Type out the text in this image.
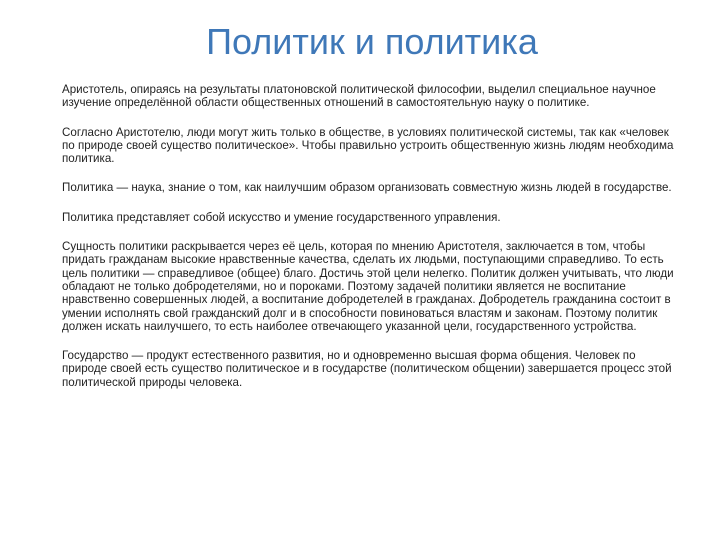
Политик и политика

Аристотель, опираясь на результаты платоновской политической философии, выделил специальное научное изучение определённой области общественных отношений в самостоятельную науку о политике.

Согласно Аристотелю, люди могут жить только в обществе, в условиях политической системы, так как «человек по природе своей существо политическое». Чтобы правильно устроить общественную жизнь людям необходима политика.

Политика — наука, знание о том, как наилучшим образом организовать совместную жизнь людей в государстве.

Политика представляет собой искусство и умение государственного управления.

Сущность политики раскрывается через её цель, которая по мнению Аристотеля, заключается в том, чтобы придать гражданам высокие нравственные качества, сделать их людьми, поступающими справедливо. То есть цель политики — справедливое (общее) благо. Достичь этой цели нелегко. Политик должен учитывать, что люди обладают не только добродетелями, но и пороками. Поэтому задачей политики является не воспитание нравственно совершенных людей, а воспитание добродетелей в гражданах. Добродетель гражданина состоит в умении исполнять свой гражданский долг и в способности повиноваться властям и законам. Поэтому политик должен искать наилучшего, то есть наиболее отвечающего указанной цели, государственного устройства.

Государство — продукт естественного развития, но и одновременно высшая форма общения. Человек по природе своей есть существо политическое и в государстве (политическом общении) завершается процесс этой политической природы человека.
